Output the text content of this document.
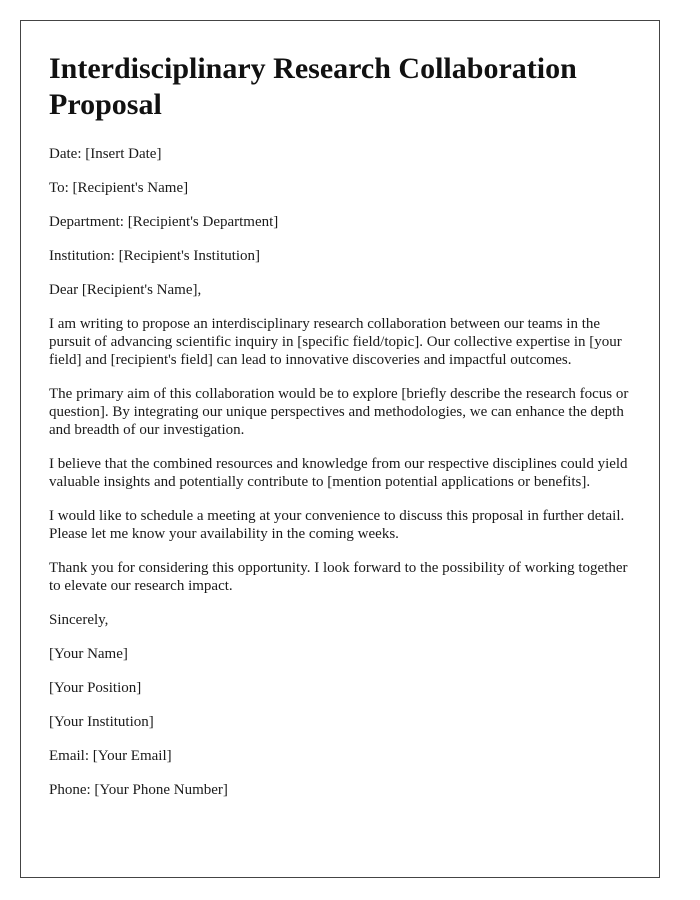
Interdisciplinary Research Collaboration Proposal
Date: [Insert Date]
To: [Recipient's Name]
Department: [Recipient's Department]
Institution: [Recipient's Institution]
Dear [Recipient's Name],

I am writing to propose an interdisciplinary research collaboration between our teams in the pursuit of advancing scientific inquiry in [specific field/topic]. Our collective expertise in [your field] and [recipient's field] can lead to innovative discoveries and impactful outcomes.

The primary aim of this collaboration would be to explore [briefly describe the research focus or question]. By integrating our unique perspectives and methodologies, we can enhance the depth and breadth of our investigation.

I believe that the combined resources and knowledge from our respective disciplines could yield valuable insights and potentially contribute to [mention potential applications or benefits].

I would like to schedule a meeting at your convenience to discuss this proposal in further detail. Please let me know your availability in the coming weeks.

Thank you for considering this opportunity. I look forward to the possibility of working together to elevate our research impact.

Sincerely,
[Your Name]
[Your Position]
[Your Institution]
Email: [Your Email]
Phone: [Your Phone Number]
